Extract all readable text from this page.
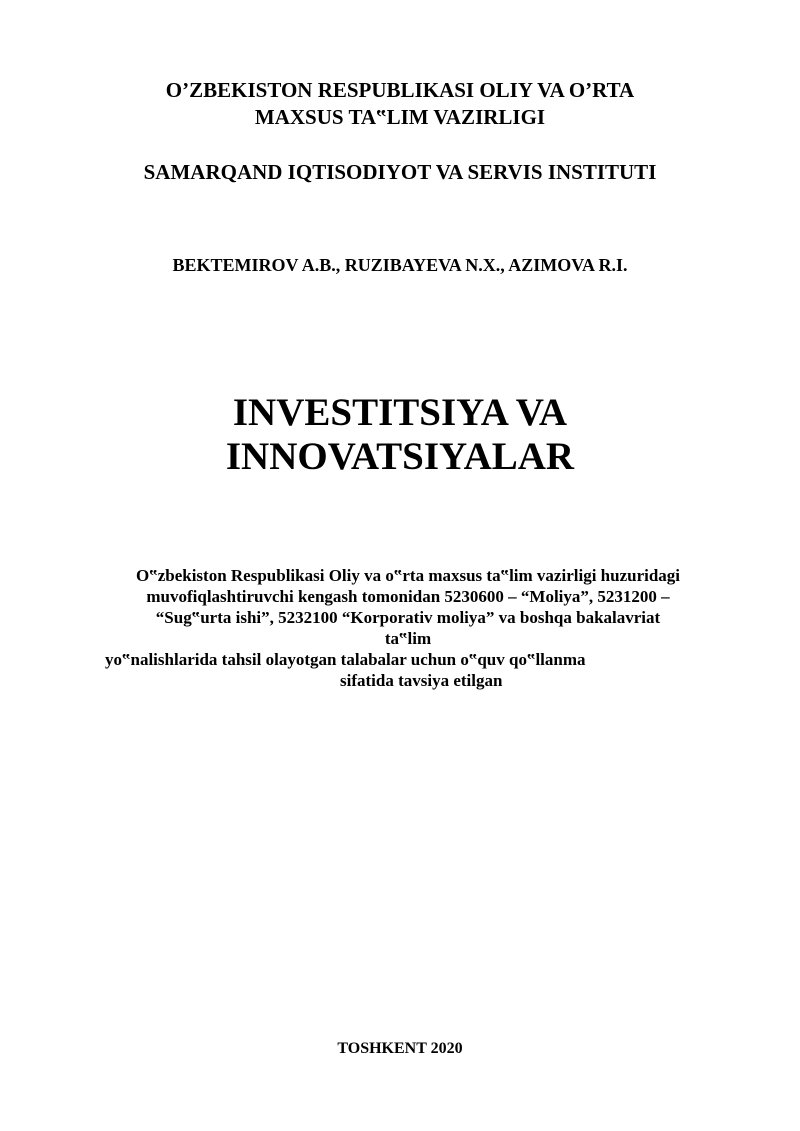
O’ZBEKISTON RESPUBLIKASI OLIY VA O’RTA

MAXSUS TA‟LIM VAZIRLIGI

SAMARQAND IQTISODIYOT VA SERVIS INSTITUTI

BEKTEMIROV A.B., RUZIBAYEVA N.X., AZIMOVA R.I.

INVESTITSIYA VA

INNOVATSIYALAR

O‟zbekiston Respublikasi Oliy va o‟rta maxsus ta‟lim vazirligi huzuridagi

muvofiqlashtiruvchi kengash tomonidan 5230600 – “Moliya”, 5231200 –

“Sug‟urta ishi”, 5232100 “Korporativ moliya” va boshqa bakalavriat

ta‟lim

yo‟nalishlarida tahsil olayotgan talabalar uchun o‟quv qo‟llanma

sifatida tavsiya etilgan

TOSHKENT 2020
